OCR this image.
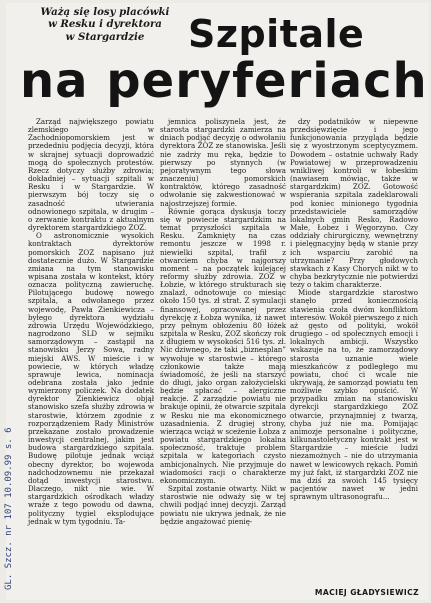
Ważą się losy placówki
w Resku i dyrektora
w Stargardzie	Szpitale
na peryferiach

Zarząd największego powiatu zlemskiego w Zachodniopomorskiem jest w przededniu podjęcia decyzji, która w skrajnej sytuacji doprowadzić mogą do społecznych protestów. Rzecz dotyczy służby zdrowia; dokładniej – sytuacji szpitali w Resku i w Stargardzie. W pierwszym bój toczy się o zasadność utwierania odnowionego szpitala, w drugim – o zerwanie kontraktu z aktualnym dyrektorem stargardzkiego ZOZ.

O astronomicznie wysokich kontraktach dyrektorów pomorskich ZOZ napisano już dostatecznie dużo. W Stargardzie zmiana na tym stanowisku wpisana została w kontekst, który oznacza polityczną zawieruchę. Pilotującego budowę nowego szpitala, a odwołanego przez wojewodę, Pawła Zienkiewicza – byłego dyrektora wydziału zdrowia Urzędu Wojewódzkiego, nagrodzono SLD w sejmiku samorządowym – zastąpił na stanowisku Jerzy Sowa, radny miejski AWS. W mieście i w powiecie, w których władzę sprawuje lewica, nominacja odebrana została jako jednie wymierzony policzek. Na dodatek dyrektor Zienkiewicz objął stanowisko szefa służby zdrowia w starostwie, którzem zgodnie z rozporządzeniem Rady Ministrów przekazane zostało prowadzenie inwestycji centralnej, jakim jest budowa stargardzkiego szpitala. Budowę pilotuje jednak wciąż obecny dyrektor, bo wojewoda nadchodzownemu nie przekazał dotąd inwestycji starostwu. Dlaczego, nikt nie wie. W stargardzkich ośrodkach władzy wraże z tego powodu od dawna, polityczny tygiel eksplodujące jednak w tym tygodniu. Ta-

jemnica poliszynela jest, że starosta stargardzki zamierza na dniach podjąć decyzję o odwołaniu dyrektora ZOZ ze stanowiska. Jeśli nie zadrży mu ręka, będzie to pierwszy po stynnych (w pejoratywnym tego słowa znaczeniu) pomorskich kontraktów, którego zasadność odwołanie się zakwestionować w najostrzejszej formie.

Równie gorąca dyskusja toczy się w powiecie stargardzkim na temat przyszłości szpitala w Resku. Zamknięty na czas remontu jeszcze w 1998 r. niewielki szpital, trafił z otwarciem chyba w najgorszy moment – na początek kulejącej reformy służby zdrowia. ZOZ w Łobzie, w którego strukturach się znalazł, odnotowuje co miesiąc około 150 tys. zł strat. Z symulacji finansowej, opracowanej przez dyrekcję z Łobza wynika, iż nawet przy pełnym obłożeniu 80 łóżek szpitala w Resku, ZOZ skończy rok z długiem w wysokości 516 tys. zł. Nic dziwnego, że taki „biznesplan” wywołuje w starostwie – którego członkowie także mają świadomość, że jeśli na starszyć do długi, jako organ założycielski będzie spłacać – alergiczne reakcje. Z zarządzie powiatu nie brakuje opinii, że otwarcie szpitala w Resku nie ma ekonomicznego uzasadnienia. Z drugiej strony, wierząca wciąż w sceżenie Łobza z powiatu stargardzkiego lokalna społeczność, traktuje problem szpitala w kategoriach czysto ambicjonalnych. Nie przyjmuje do wiadomości racji o charakterze ekonomicznym.

Szpital zostanie otwarty. Nikt w starostwie nie odważy się w tej chwili podjąć innej decyzji. Zarząd powiatu nie ukrywa jednak, że nie będzie angażować pienię-

dzy podatników w niepewne przedsięwzięcie i jego funkcjonowania przygląda będzie się z wyostrzonym sceptycyzmem. Dowodem – ostatnie uchwały Rady Powiatowej w przeprowadzeniu wnikliwej kontroli w łobeskim (nawiasem mówiąc, także w stargardzkim) ZOZ. Gotowość wspierania szpitala zadeklarowali pod koniec minionego tygodnia przedstawiciele samorządów lokalnych gmin Resko, Radowo Małe, Łobez i Węgorzyno. Czy oddziały chirurgiczny, wewnętrzny i pielęgnacyjny będą w stanie przy ich wsparciu zarobić na utrzymanie? Przy głodowych stawkach z Kasy Chorych nikt w to chyba bezkrytycznie nie potwierdzi tezy o takim charakterze.

Miode stargardzkie starostwo stanęło przed koniecznością stawienia czoła dwóm konfliktom interesów. Wokół pierwszego z nich aż gęsto od polityki, wokół drugiego – od społecznych emocji i lokalnych ambicji. Wszystko wskazuje na to, że zamorządowy starosta uznanie wiele mieszkańców z podległego mu powiatu, choć ci wcale nie ukrywają, że samorząd powiatu ten możliwie szybko opuścić. W przypadku zmian na stanowisku dyrekcji stargardzkiego ZOZ otwarcie, przynajmniej z twarzą, chyba już nie ma. Pomijając animozje personalne i polityczne, kilkunastoletyczny kontrakt jest w Stargardzie – mieście ludzi niezamożnych – nie do utrzymania nawet w lewicowych rękach. Pomiń my już fakt, iż stargardzki ZOZ nie ma dziś za swoich 145 tysięcy pacjentów nawet w jedni sprawnym ultrasonografu...

MACIEJ GŁADYSIEWICZ
GL. Szcz. nr 107 10.09.99 s. 6
